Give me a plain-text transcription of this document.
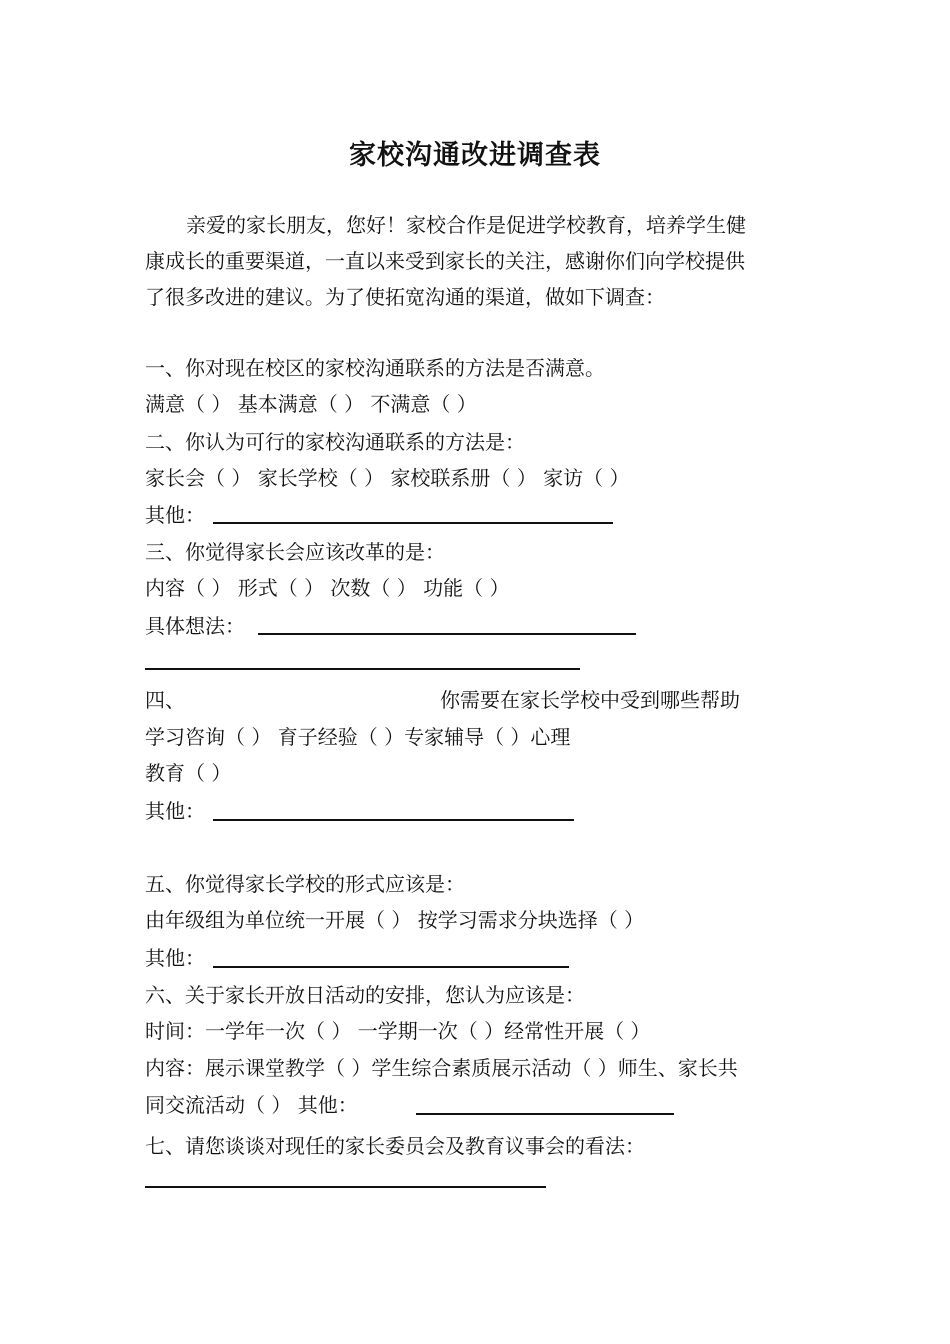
家校沟通改进调查表
亲爱的家长朋友，您好！家校合作是促进学校教育，培养学生健
康成长的重要渠道，一直以来受到家长的关注，感谢你们向学校提供
了很多改进的建议。为了使拓宽沟通的渠道，做如下调查：
一、你对现在校区的家校沟通联系的方法是否满意。
满意（ ） 基本满意（ ） 不满意（ ）
二、你认为可行的家校沟通联系的方法是：
家长会（ ） 家长学校（ ） 家校联系册（ ） 家访（ ）
其他：
三、你觉得家长会应该改革的是：
内容（ ） 形式（ ） 次数（ ） 功能（ ）
具体想法：
四、	你需要在家长学校中受到哪些帮助
学习咨询（ ） 育子经验（ ）专家辅导（ ）心理
教育（ ）
其他：
五、你觉得家长学校的形式应该是：
由年级组为单位统一开展（ ） 按学习需求分块选择（ ）
其他：
六、关于家长开放日活动的安排，您认为应该是：
时间：一学年一次（ ） 一学期一次（ ）经常性开展（ ）
内容：展示课堂教学（ ）学生综合素质展示活动（ ）师生、家长共
同交流活动（ ） 其他：
七、请您谈谈对现任的家长委员会及教育议事会的看法：
